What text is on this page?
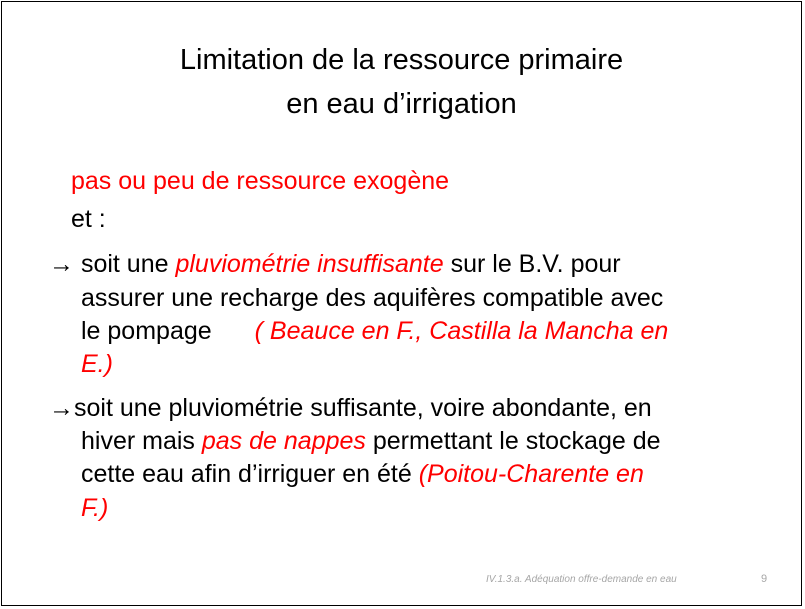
Limitation de la ressource primaire
en eau d’irrigation
pas ou peu de ressource exogène
et :
→ soit une pluviométrie insuffisante sur le B.V. pour
assurer une recharge des aquifères compatible avec
le pompage ( Beauce en F., Castilla la Mancha en
E.)
→soit une pluviométrie suffisante, voire abondante, en
hiver mais pas de nappes permettant le stockage de
cette eau afin d’irriguer en été (Poitou-Charente en
F.)
IV.1.3.a. Adéquation offre-demande en eau	9
